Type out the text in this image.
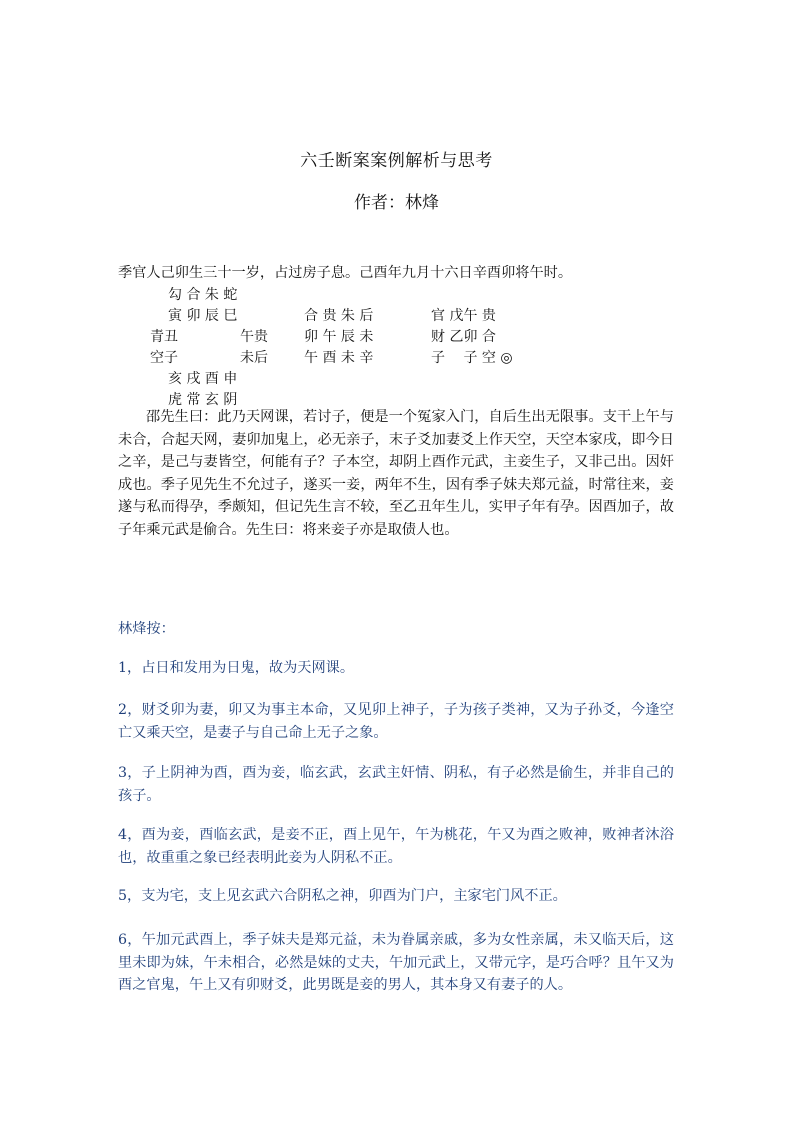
六壬断案案例解析与思考
作者：林烽
季官人己卯生三十一岁，占过房子息。己酉年九月十六日辛酉卯将午时。
勾 合 朱 蛇
寅 卯 辰 巳	合 贵 朱 后	官 戊午 贵
青丑	午贵	卯 午 辰 未	财 乙卯 合
空子	未后	午 酉 未 辛	子　 子 空 ◎
亥 戌 酉 申
虎 常 玄 阴
邵先生曰：此乃天网课，若讨子，便是一个冤家入门，自后生出无限事。支干上午与未合，合起天网，妻卯加鬼上，必无亲子，末子爻加妻爻上作天空，天空本家戌，即今日之辛，是己与妻皆空，何能有子？子本空，却阴上酉作元武，主妾生子，又非己出。因奸成也。季子见先生不允过子，遂买一妾，两年不生，因有季子妹夫郑元益，时常往来，妾遂与私而得孕，季颇知，但记先生言不较，至乙丑年生儿，实甲子年有孕。因酉加子，故子年乘元武是偷合。先生曰：将来妾子亦是取债人也。
林烽按：
1，占日和发用为日鬼，故为天网课。
2，财爻卯为妻，卯又为事主本命，又见卯上神子，子为孩子类神，又为子孙爻，今逢空亡又乘天空，是妻子与自己命上无子之象。
3，子上阴神为酉，酉为妾，临玄武，玄武主奸情、阴私，有子必然是偷生，并非自己的孩子。
4，酉为妾，酉临玄武，是妾不正，酉上见午，午为桃花，午又为酉之败神，败神者沐浴也，故重重之象已经表明此妾为人阴私不正。
5，支为宅，支上见玄武六合阴私之神，卯酉为门户，主家宅门风不正。
6，午加元武酉上，季子妹夫是郑元益，未为眷属亲戚，多为女性亲属，未又临天后，这里未即为妹，午未相合，必然是妹的丈夫，午加元武上，又带元字，是巧合呼？且午又为酉之官鬼，午上又有卯财爻，此男既是妾的男人，其本身又有妻子的人。
